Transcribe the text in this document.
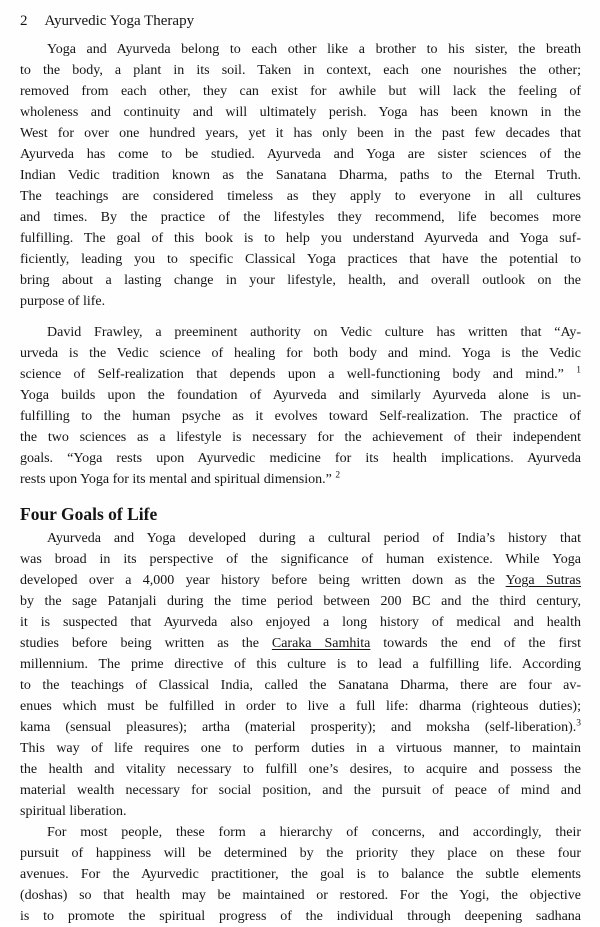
2 Ayurvedic Yoga Therapy
Yoga and Ayurveda belong to each other like a brother to his sister, the breath
to the body, a plant in its soil. Taken in context, each one nourishes the other;
removed from each other, they can exist for awhile but will lack the feeling of
wholeness and continuity and will ultimately perish. Yoga has been known in the
West for over one hundred years, yet it has only been in the past few decades that
Ayurveda has come to be studied. Ayurveda and Yoga are sister sciences of the
Indian Vedic tradition known as the Sanatana Dharma, paths to the Eternal Truth.
The teachings are considered timeless as they apply to everyone in all cultures
and times. By the practice of the lifestyles they recommend, life becomes more
fulfilling. The goal of this book is to help you understand Ayurveda and Yoga suf-
ficiently, leading you to specific Classical Yoga practices that have the potential to
bring about a lasting change in your lifestyle, health, and overall outlook on the
purpose of life.
David Frawley, a preeminent authority on Vedic culture has written that “Ay-
urveda is the Vedic science of healing for both body and mind. Yoga is the Vedic
science of Self-realization that depends upon a well-functioning body and mind.” $^1$
Yoga builds upon the foundation of Ayurveda and similarly Ayurveda alone is un-
fulfilling to the human psyche as it evolves toward Self-realization. The practice of
the two sciences as a lifestyle is necessary for the achievement of their independent
goals. “Yoga rests upon Ayurvedic medicine for its health implications. Ayurveda
rests upon Yoga for its mental and spiritual dimension.” $^2$
Four Goals of Life
Ayurveda and Yoga developed during a cultural period of India’s history that
was broad in its perspective of the significance of human existence. While Yoga
developed over a 4,000 year history before being written down as the Yoga Sutras
by the sage Patanjali during the time period between 200 BC and the third century,
it is suspected that Ayurveda also enjoyed a long history of medical and health
studies before being written as the Caraka Samhita towards the end of the first
millennium. The prime directive of this culture is to lead a fulfilling life. According
to the teachings of Classical India, called the Sanatana Dharma, there are four av-
enues which must be fulfilled in order to live a full life: dharma (righteous duties);
kama (sensual pleasures); artha (material prosperity); and moksha (self-liberation).$^3$
This way of life requires one to perform duties in a virtuous manner, to maintain
the health and vitality necessary to fulfill one’s desires, to acquire and possess the
material wealth necessary for social position, and the pursuit of peace of mind and
spiritual liberation.
For most people, these form a hierarchy of concerns, and accordingly, their
pursuit of happiness will be determined by the priority they place on these four
avenues. For the Ayurvedic practitioner, the goal is to balance the subtle elements
(doshas) so that health may be maintained or restored. For the Yogi, the objective
is to promote the spiritual progress of the individual through deepening sadhana
